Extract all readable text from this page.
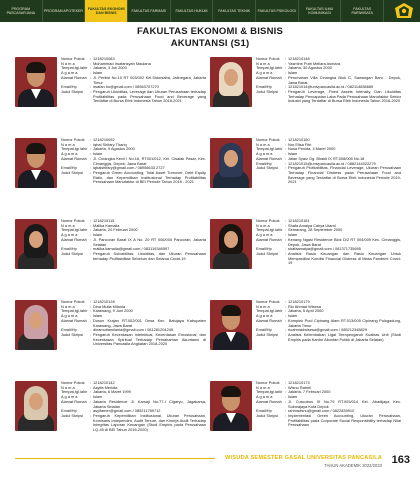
PROGRAM PASCASARJANA
PROGRAM APOTEKER
FAKULTAS EKONOMI DAN BISNIS
FAKULTAS FARMASI	FAKULTAS HUKUM	FAKULTAS TEKNIK	FAKULTAS PSIKOLOGI
FAKULTAS ILMU KOMUNIKASI
FAKULTAS PARIWISATA
FAKULTAS EKONOMI & BISNIS
AKUNTANSI (S1)
Nomor Pokok	: 1218210083
N a m a	: Muhammad Irsafansyah Maulana
Tempat,tgl.lahir : Jakarta, 3 Juli 2000
A g a m a	: Islam
Alamat Rumah : Jl. Pertiwi No.10 RT 003/002 Kel.Sidorsaba, Jatinegara, Jakarta Timur
Email/Hp	: irsafan.hu@gmail.com / 08563707270
Judul Skripsi	: Pengaruh Likuiditas, Leverage dan Ukuran Perusahaan terhadap Profitabilitas pada Perusahaan Food and Beverage yang Terdaftar di Bursa Efek Indonesia Tahun 2018-2021
Nomor Pokok	: 1218210148
N a m a	: Yasmine Putri Mellara Asmara
Tempat,tgl.lahir : Jakarta, 30 Agustus 2000
A g a m a	: Islam
Alamat Rumah : Perumahan Villa Cinangka Blok C, Sawangan Baru - Depok, Jawa Barat
Email/Hp	: 121821014@univpancasila.ac.id / 082114836689
Judul Skripsi	: Pengaruh Leverage, Fixed Assets Intensity, Dan Likuiditas Terhadap Pencapaian Laba Pada Perusahaan Manufaktur Sektor Industri yang Terdaftar di Bursa Efek Indonesia Tahun 2016-2020
Nomor Pokok	: 1218210092
N a m a	: Iqbal Shifary Thariq
Tempat,tgl.lahir : Jakarta, 9 Agustus 2000
A g a m a	: Islam
Alamat Rumah : Jl. Cinangka Kecil I No.16, RT001/012, Kel. Cisalak Pasar, Kec. Cimanggis, Depok, Jawa Barat
Email/Hp	: iqbalshifary@gmail.com / 08956633 2727
Judul Skripsi	: Pengaruh Green Accounting, Total Asset Turnover, Debt Equity Ratio, dan Kepemilikan Institusional Terhadap Profitabilitas Perusahaan Manufaktur di BEI Periode Tahun 2018 - 2021
Nomor Pokok	: 1218210150
N a m a	: Nur Elisa Fitri
Tempat,tgl.lahir : Nusa Penida, 4 Maret 2000
A g a m a	: Islam
Alamat Rumah : Jalan Syaiz Gg. Bhakti IX RT.008/005 No.18
Email/Hp	: 121821015@univpancasila.ac.id / 0882144022279
Judul Skripsi	: Pengaruh Profitabilitas, Financial Leverage, Ukuran Perusahaan Terhadap Financial Distress pada Perusahaan Food and Beverage yang Terdaftar di Bursa Efek Indonesia Periode 2019-2021
Nomor Pokok	: 1218210115
N a m a	: Malika Kamalia
Tempat,tgl.lahir : Jakarta, 20 Februari 2000
A g a m a	: Islam
Alamat Rumah : Jl. Pancoran Barat IX A No. 20 RT 006/004 Pancoran, Jakarta Selatan
Email/Hp	: malika.kamalia@gmail.com / 083119346597
Judul Skripsi	: Pengaruh Solvabilitas, Likuiditas, dan Ukuran Perusahaan terhadap Profitabilitas Sebelum dan Selama Covid-19
Nomor Pokok	: 1218210181
N a m a	: Shafa Amalya Cahya Utami
Tempat,tgl.lahir : Semarang, 28 September 2000
A g a m a	: Islam
Alamat Rumah : Kenang Ngasi Residence Blok D/2 RT 004/009 Kec. Cimanggis, Depok, Jawa Barat
Email/Hp	: shafaamalya@gmail.com / 081371735695
Judul Skripsi	: Analisis Rasio Keuangan dan Rasio Keuangan Untuk Memprediksi Kondisi Financial Distress di Masa Pandemi Covid-19
Nomor Pokok	: 1218210128
N a m a	: Dina Mutia Milania
Tempat,tgl.lahir : Karawang, 9 Juni 2000
A g a m a	: Islam
Alamat Rumah : Dusun Krajan RT.002/001 Desa Kec. Batujaya Kabupaten Karawang, Jawa Barat
Email/Hp	: dinamutiamilania@gmail.com / 081281204245
Judul Skripsi	: Pengaruh Kecerdasan Intelektual, Kecerdasan Emosional, dan Kecerdasan Spiritual Terhadap Pemahaman Akuntansi di Universitas Pancasila Angkatan 2018-2020
Nomor Pokok	: 1218210179
N a m a	: Rio Ahmad Wisesa
Tempat,tgl.lahir : Jakarta, 5 April 2000
A g a m a	: Islam
Alamat Rumah : Komplek Pool Cipinang Alam RT.013/005 Cipinang Pulogadung, Jakarta Timur
Email/Hp	: rioahmadwisesa@gmail.com / 085212348829
Judul Skripsi	: Analisis Kelembaban Ligai Teenpengaruh Kualitas Unit (Studi Empiris pada Kantor Akuntan Publik di Jakarta Selatan)
Nomor Pokok	: 1218210142
N a m a	: Asyifa Meridia
Tempat,tgl.lahir : Jakarta, 6 Maret 1999
A g a m a	: Islam
Alamat Rumah : Jakarta Residence Jl. Karsaji No.77-I Cigaryo, Jagakarsa, Jakarta Selatan
Email/Hp	: asyifamer@gmail.com / 085211789712
Judul Skripsi	: Pengaruh Kepemilikan Institusional, Ukuran Perusahaan, Komisaris Independen, Audit Tenure, dan Kinerja Audit Terhadap Integritas Laporan Keuangan (Studi Empiris pada Perusahaan LQ-45 di BEI Tahun 2016-2020)
Nomor Pokok	: 1218210173
N a m a	: Wisnu Rahmi
Tempat,tgl.lahir : Jakarta, 7 Februari 2000
A g a m a	: Islam
Alamat Rumah : Jl. Cuscubus III No.79 RT.005/014 Kel. Abadijaya Kec. Sukmajaya Kota Depok
Email/Hp	: rahmiwisnu@gmail.com / 0822835910
Judul Skripsi	: Implementasi Green Accounting, Ukuran Perusahaan, Profitabilitas pada Corporate Social Responsibility terhadap Nilai Perusahaan
WISUDA SEMESTER GASAL UNIVERSITAS PANCASILA
TAHUN AKADEMIK 2022/2023 163
